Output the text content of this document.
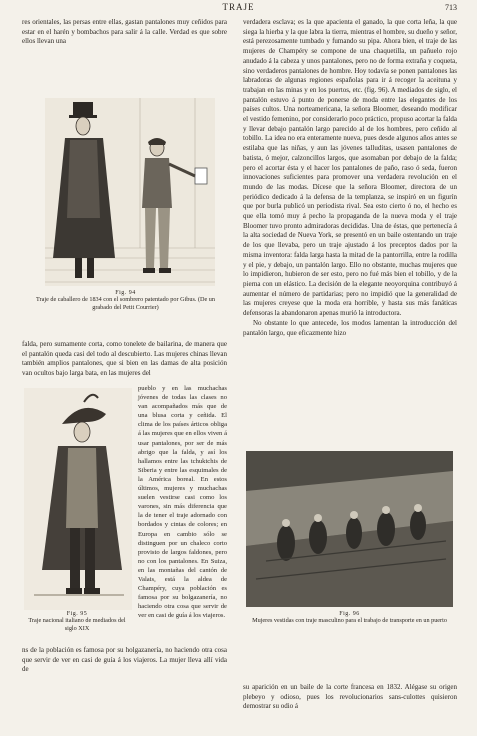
TRAJE	713

res orientales, las persas entre ellas, gastan pantalones muy ceñidos para estar en el harén y bombachos para salir á la calle. Verdad es que sobre ellos llevan una

Fig. 94
Traje de caballero de 1834 con el sombrero patentado por Gibus. (De un grabado del Petit Courrier)

falda, pero sumamente corta, como tonelete de bailarina, de manera que el pantalón queda casi del todo al descubierto. Las mujeres chinas llevan también amplios pantalones, que si bien en las damas de alta posición van ocultos bajo larga bata, en las mujeres del

Fig. 95
Traje nacional italiano de mediados del siglo XIX

pueblo y en las muchachas jóvenes de todas las clases no van acompañados más que de una blusa corta y ceñida. El clima de los países árticos obliga á las mujeres que en ellos viven á usar pantalones, por ser de más abrigo que la falda, y así los hallamos entre las tchuktchis de Siberia y entre las esquimales de la América boreal. En estos últimos, mujeres y muchachas suelen vestirse casi como los varones, sin más diferencia que la de tener el traje adornado con bordados y cintas de colores; en Europa en cambio sólo se distinguen por un chaleco corto provisto de largos faldones, pero no con los pantalones. En Suiza, en las montañas del cantón de Valais, está la aldea de Champéry, cuya población es famosa por su bolgazanería, no haciendo otra cosa que servir de ver en casi de guía á los viajeros.

ns de la población es famosa por su holgazanería, no haciendo otra cosa que servir de ver en casi de guía á los viajeros. La mujer lleva allí vida de

verdadera esclava; es la que apacienta el ganado, la que corta leña, la que siega la hierba y la que labra la tierra, mientras el hombre, su dueño y señor, está perezosamente tumbado y fumando su pipa. Ahora bien, el traje de las mujeres de Champéry se compone de una chaquetilla, un pañuelo rojo anudado á la cabeza y unos pantalones, pero no de forma extraña y coqueta, sino verdaderos pantalones de hombre. Hoy todavía se ponen pantalones las labradoras de algunas regiones españolas para ir á recoger la aceituna y trabajan en las minas y en los puertos, etc. (fig. 96). A mediados de siglo, el pantalón estuvo á punto de ponerse de moda entre las elegantes de los países cultos. Una norteamericana, la señora Bloomer, deseando modificar el vestido femenino, por considerarlo poco práctico, propuso acortar la falda y llevar debajo pantalón largo parecido al de los hombres, pero ceñido al tobillo. La idea no era enteramente nueva, pues desde algunos años antes se estilaba que las niñas, y aun las jóvenes talluditas, usasen pantalones de batista, ó mejor, calzoncillos largos, que asomaban por debajo de la falda; pero el acortar ésta y el hacer los pantalones de paño, raso ó seda, fueron innovaciones suficientes para promover una verdadera revolución en el mundo de las modas. Dícese que la señora Bloomer, directora de un periódico dedicado á la defensa de la templanza, se inspiró en un figurín que por burla publicó un periodista rival. Sea esto cierto ó no, el hecho es que ella tomó muy á pecho la propaganda de la nueva moda y el traje Bloomer tuvo pronto admiradoras decididas. Una de éstas, que pertenecía á la alta sociedad de Nueva York, se presentó en un baile ostentando un traje de los que llevaba, pero un traje ajustado á los preceptos dados por la misma inventora: falda larga hasta la mitad de la pantorrilla, entre la rodilla y el pie, y debajo, un pantalón largo. Ello no obstante, muchas mujeres que lo impidieron, hubieron de ser esto, pero no fué más bien el tobillo, y de la pierna con un elástico. La decisión de la elegante neoyorquina contribuyó á aumentar el número de partidarias; pero no impidió que la generalidad de las mujeres creyese que la moda era horrible, y hasta sus más fanáticas defensoras la abandonaron apenas murió la introductora.

No obstante lo que antecede, los modos lamentan la introducción del pantalón largo, que eficazmente hizo

Fig. 96
Mujeres vestidas con traje masculino para el trabajo de transporte en un puerto

su aparición en un baile de la corte francesa en 1832. Alégase su origen plebeyo y odioso, pues los revolucionarios sans-culottes quisieron demostrar su odio á
